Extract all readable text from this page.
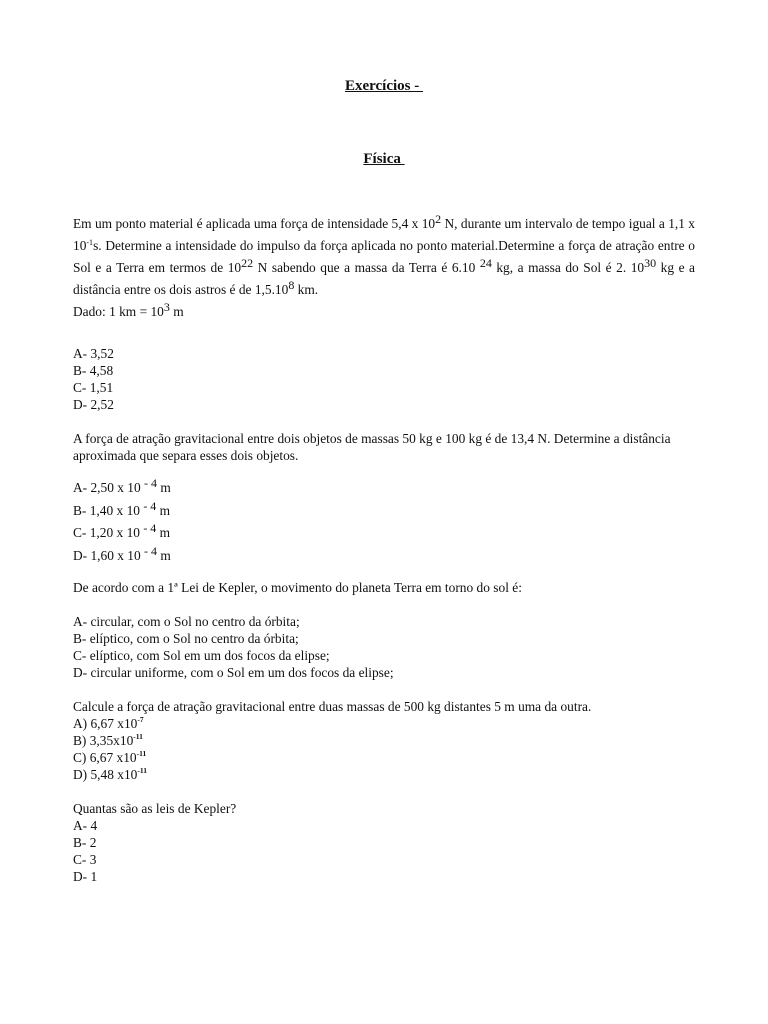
Exercícios -
Física

Em um ponto material é aplicada uma força de intensidade 5,4 x $10^2$ N, durante um intervalo de tempo igual a 1,1 x $10^{-1}s$. Determine a intensidade do impulso da força aplicada no ponto material.Determine a força de atração entre o Sol e a Terra em termos de $10^{22}$ N sabendo que a massa da Terra é 6.10 $^{24}$ kg, a massa do Sol é 2. $10^{30}$ kg e a distância entre os dois astros é de 1,5.10$^8$ km.

Dado: 1 km = $10^3$ m

A- 3,52

B- 4,58

C- 1,51

D- 2,52

A força de atração gravitacional entre dois objetos de massas 50 kg e 100 kg é de 13,4 N. Determine a distância aproximada que separa esses dois objetos.

A- 2,50 x 10 $^{- 4}$ m

B- 1,40 x 10 $^{- 4}$ m

C- 1,20 x 10 $^{- 4}$ m

D- 1,60 x 10 $^{- 4}$ m

De acordo com a 1ª Lei de Kepler, o movimento do planeta Terra em torno do sol é:

A- circular, com o Sol no centro da órbita;

B- elíptico, com o Sol no centro da órbita;

C- elíptico, com Sol em um dos focos da elipse;

D- circular uniforme, com o Sol em um dos focos da elipse;

Calcule a força de atração gravitacional entre duas massas de 500 kg distantes 5 m uma da outra.

A) 6,67 $x10^{-7}$

B) $3,35x10^{-11}$

C) 6,67 $x10^{-11}$

D) 5,48 $x10^{-11}$

Quantas são as leis de Kepler?

A- 4

B- 2

C- 3

D- 1
